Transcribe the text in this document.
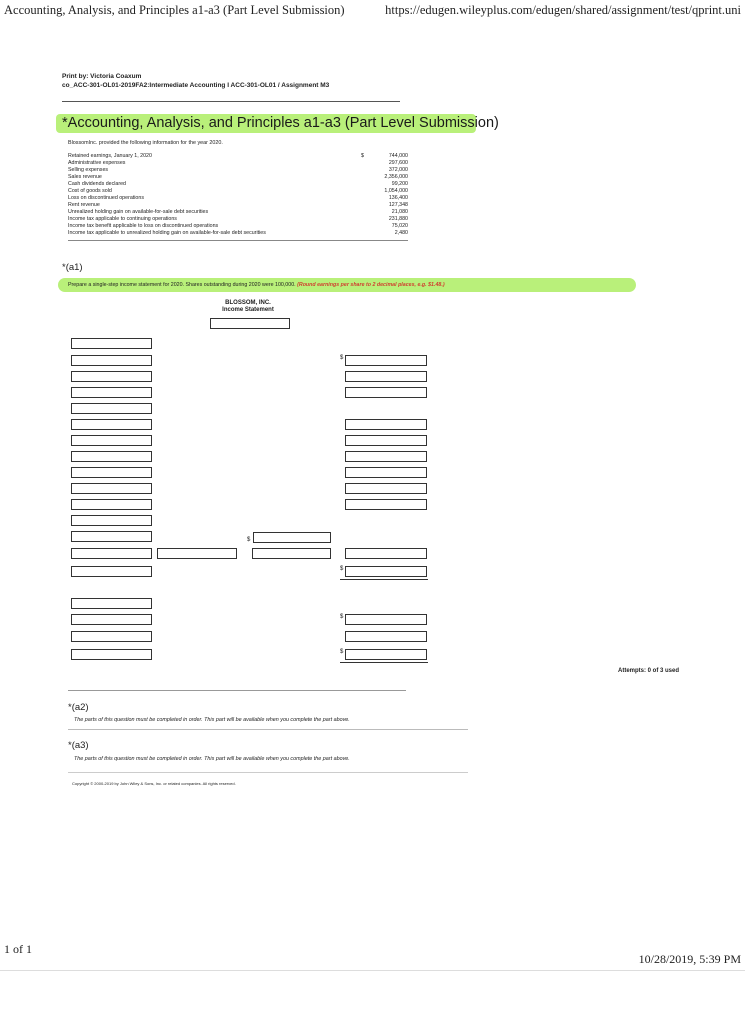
Accounting, Analysis, and Principles a1-a3 (Part Level Submission)	https://edugen.wileyplus.com/edugen/shared/assignment/test/qprint.uni
Print by: Victoria Coaxum
co_ACC-301-OL01-2019FA2:Intermediate Accounting I ACC-301-OL01 / Assignment M3
*Accounting, Analysis, and Principles a1-a3 (Part Level Submission)
BlossomInc. provided the following information for the year 2020.
Retained earnings, January 1, 2020	$	744,000
Administrative expenses	297,600
Selling expenses	372,000
Sales revenue	2,356,000
Cash dividends declared	99,200
Cost of goods sold	1,054,000
Loss on discontinued operations	136,400
Rent revenue	127,348
Unrealized holding gain on available-for-sale debt securities	21,080
Income tax applicable to continuing operations	231,880
Income tax benefit applicable to loss on discontinued operations	75,020
Income tax applicable to unrealized holding gain on available-for-sale debt securities	2,480
*(a1)
Prepare a single-step income statement for 2020. Shares outstanding during 2020 were 100,000. (Round earnings per share to 2 decimal places, e.g. $1.48.)
BLOSSOM, INC.
Income Statement
$
$
$
$
$
Attempts: 0 of 3 used
*(a2)
The parts of this question must be completed in order. This part will be available when you complete the part above.
*(a3)
The parts of this question must be completed in order. This part will be available when you complete the part above.
Copyright © 2000-2019 by John Wiley & Sons, Inc. or related companies. All rights reserved.
1 of 1
10/28/2019, 5:39 PM
